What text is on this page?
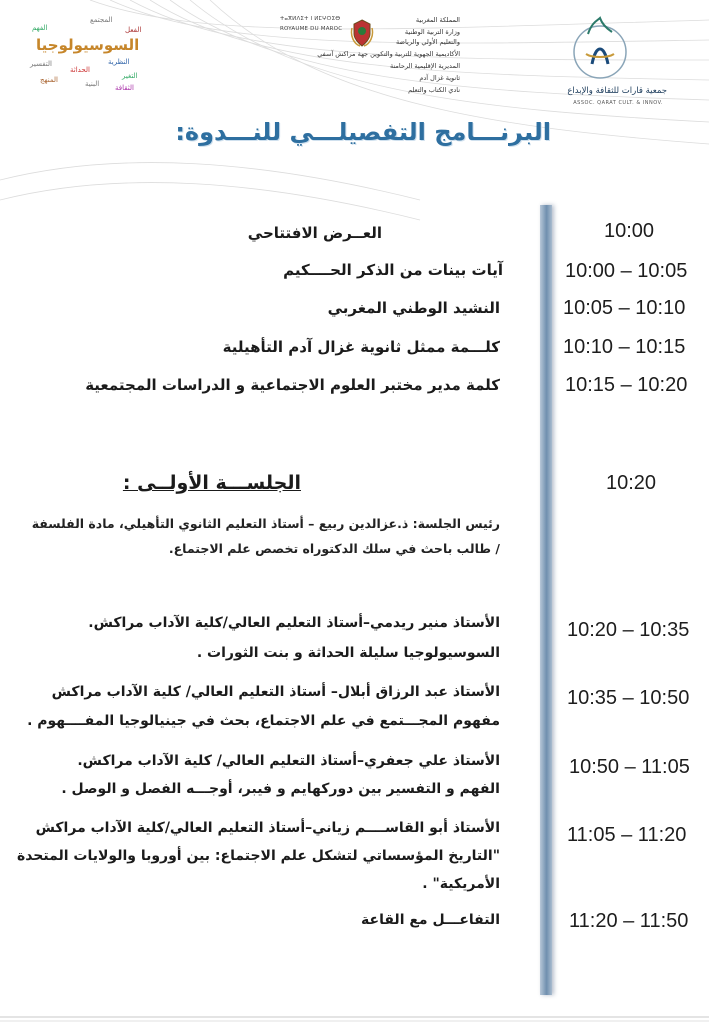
المجتمع
الفعل
الفهم
السوسيولوجيا
التفسير
الحداثة
النظرية
المنهج	البنية
التغير
الثقافة
ⵜⴰⴳⵍⴷⵉⵜ ⵏ ⵍⵎⵖⵔⵉⴱ
ROYAUME DU MAROC
المملكة المغربية
وزارة التربية الوطنية
والتعليم الأولي والرياضة
الأكاديمية الجهوية للتربية والتكوين جهة مراكش آسفي
المديرية الإقليمية الرحامنة
ثانوية غزال آدم
نادي الكتاب والتعلم	جمعية قارات للثقافة والإبداع
ASSOC. QARAT CULT. & INNOV.
البرنـــامج التفصيلـــي للنـــدوة:
10:00
العــرض الافتتاحي
10:00 – 10:05
آيات بينات من الذكر الحــــكيم
10:05 – 10:10
النشيد الوطني المغربي
10:10 – 10:15
كلـــمة ممثل ثانوية غزال آدم التأهيلية
10:15 – 10:20
كلمة مدير مختبر العلوم الاجتماعية و الدراسات المجتمعية
10:20
الجلســـة الأولــى :
رئيس الجلسة: ذ.عزالدين ربيع – أستاذ التعليم الثانوي التأهيلي، مادة الفلسفة
/ طالب باحث في سلك الدكتوراه تخصص علم الاجتماع.
10:20 – 10:35
الأستاذ منير ريدمي–أستاذ التعليم العالي/كلية الآداب مراكش.
السوسيولوجيا سليلة الحداثة و بنت الثورات .
10:35 – 10:50
الأستاذ عبد الرزاق أبلال– أستاذ التعليم العالي/ كلية الآداب مراكش
مفهوم المجـــتمع في علم الاجتماع، بحث في جينيالوجيا المفــــهوم .
10:50 – 11:05
الأستاذ علي جعفري–أستاذ التعليم العالي/ كلية الآداب مراكش.
الفهم و التفسير بين دوركهايم و فيبر، أوجـــه الفصل و الوصل .
11:05 – 11:20
الأستاذ أبو القاســــم زياني–أستاذ التعليم العالي/كلية الآداب مراكش
"التاريخ المؤسساتي لتشكل علم الاجتماع: بين أوروبا والولايات المتحدة
الأمريكية" .
11:20 – 11:50
التفاعـــل مع القاعة
